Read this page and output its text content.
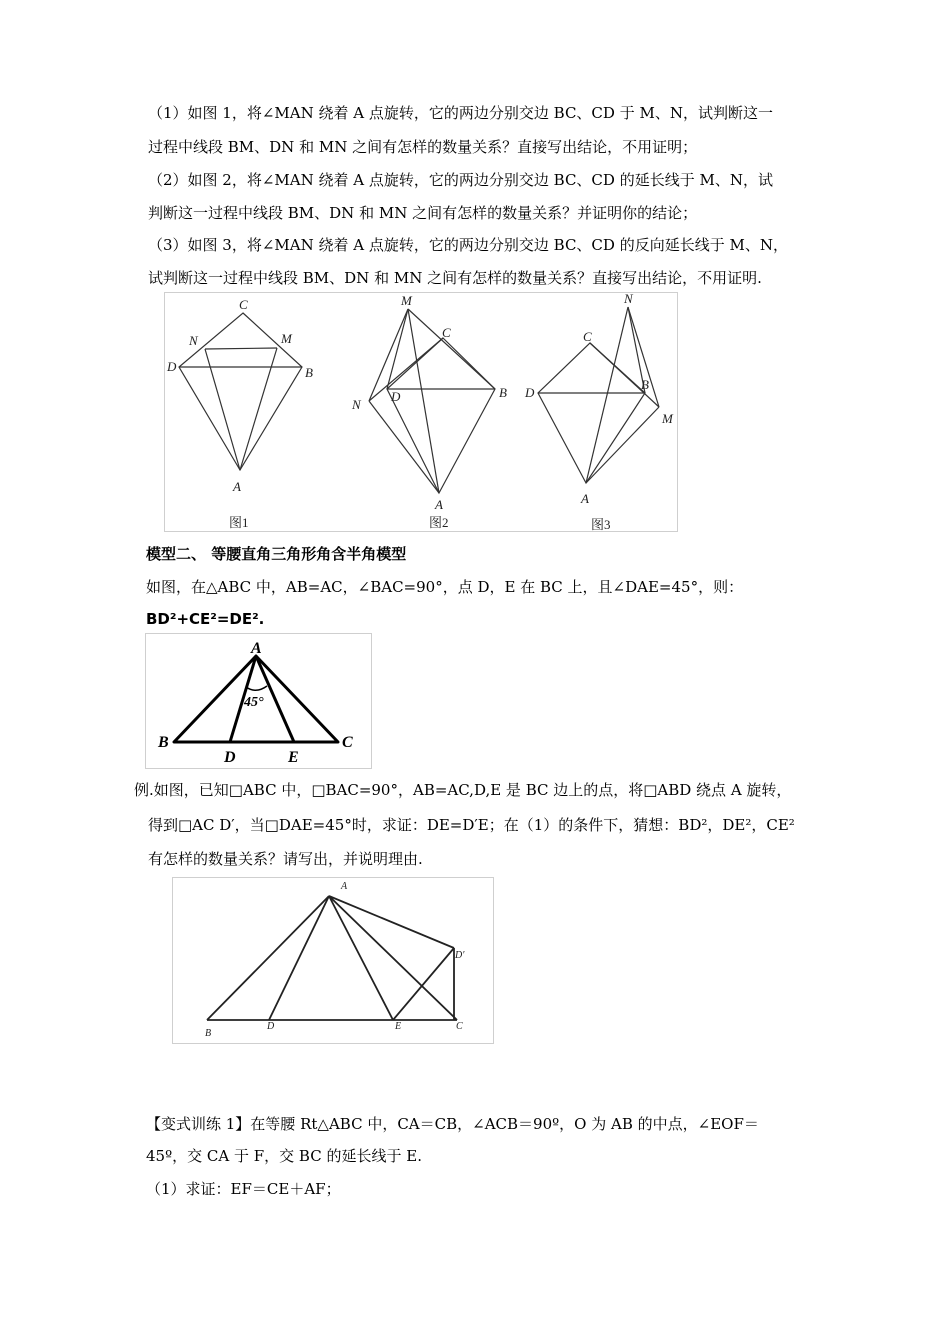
（1）如图 1，将∠MAN 绕着 A 点旋转，它的两边分别交边 BC、CD 于 M、N，试判断这一
过程中线段 BM、DN 和 MN 之间有怎样的数量关系？直接写出结论，不用证明；
（2）如图 2，将∠MAN 绕着 A 点旋转，它的两边分别交边 BC、CD 的延长线于 M、N，试
判断这一过程中线段 BM、DN 和 MN 之间有怎样的数量关系？并证明你的结论；
（3）如图 3，将∠MAN 绕着 A 点旋转，它的两边分别交边 BC、CD 的反向延长线于 M、N，
试判断这一过程中线段 BM、DN 和 MN 之间有怎样的数量关系？直接写出结论，不用证明.
C
N	M
D	B
A
图1
M
C
N
D	B
A
图2
N
C
D
B
M
A
图3
模型二、 等腰直角三角形角含半角模型
如图，在△ABC 中，AB=AC，∠BAC=90°，点 D，E 在 BC 上，且∠DAE=45°，则：
BD²+CE²=DE².
A
B	C
D	E
45°
例.如图，已知□ABC 中，□BAC=90°，AB=AC,D,E 是 BC 边上的点，将□ABD 绕点 A 旋转，
得到□AC D′，当□DAE=45°时，求证：DE=D′E；在（1）的条件下，猜想：BD²，DE²，CE²
有怎样的数量关系？请写出，并说明理由.
A
B
D	E	C
D′
【变式训练 1】在等腰 Rt△ABC 中，CA＝CB，∠ACB＝90º，O 为 AB 的中点，∠EOF＝
45º，交 CA 于 F，交 BC 的延长线于 E.
（1）求证：EF＝CE＋AF；
